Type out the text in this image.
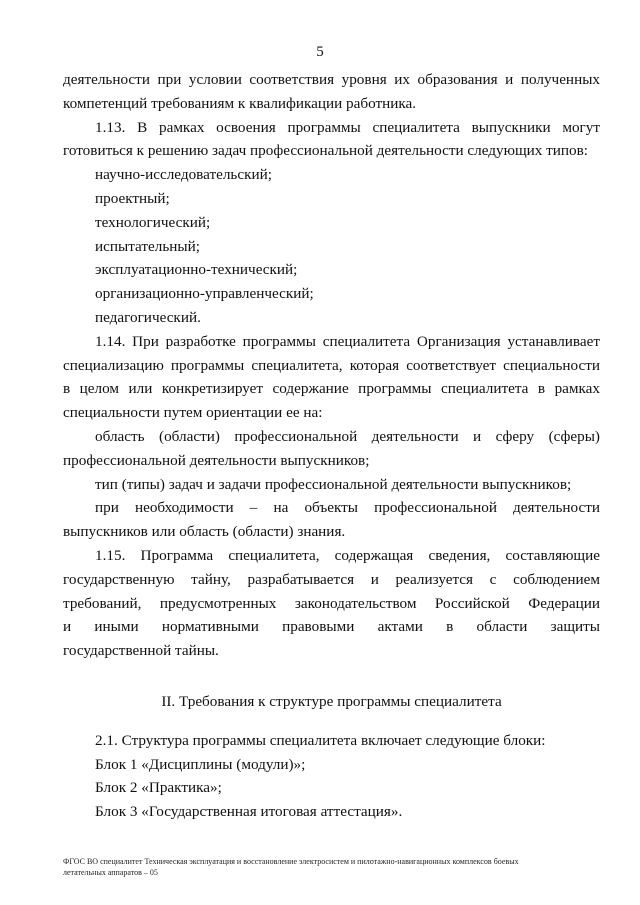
5

деятельности при условии соответствия уровня их образования и полученных

компетенций требованиям к квалификации работника.

1.13. В рамках освоения программы специалитета выпускники могут

готовиться к решению задач профессиональной деятельности следующих типов:

научно-исследовательский;

проектный;

технологический;

испытательный;

эксплуатационно-технический;

организационно-управленческий;

педагогический.

1.14. При разработке программы специалитета Организация устанавливает

специализацию программы специалитета, которая соответствует специальности

в целом или конкретизирует содержание программы специалитета в рамках

специальности путем ориентации ее на:

область (области) профессиональной деятельности и сферу (сферы)

профессиональной деятельности выпускников;

тип (типы) задач и задачи профессиональной деятельности выпускников;

при необходимости – на объекты профессиональной деятельности

выпускников или область (области) знания.

1.15. Программа специалитета, содержащая сведения, составляющие

государственную тайну, разрабатывается и реализуется с соблюдением

требований, предусмотренных законодательством Российской Федерации

и иными нормативными правовыми актами в области защиты

государственной тайны.

II. Требования к структуре программы специалитета

2.1. Структура программы специалитета включает следующие блоки:

Блок 1 «Дисциплины (модули)»;

Блок 2 «Практика»;

Блок 3 «Государственная итоговая аттестация».

ФГОС ВО специалитет Техническая эксплуатация и восстановление электросистем и пилотажно-навигационных комплексов боевых
летательных аппаратов – 05
